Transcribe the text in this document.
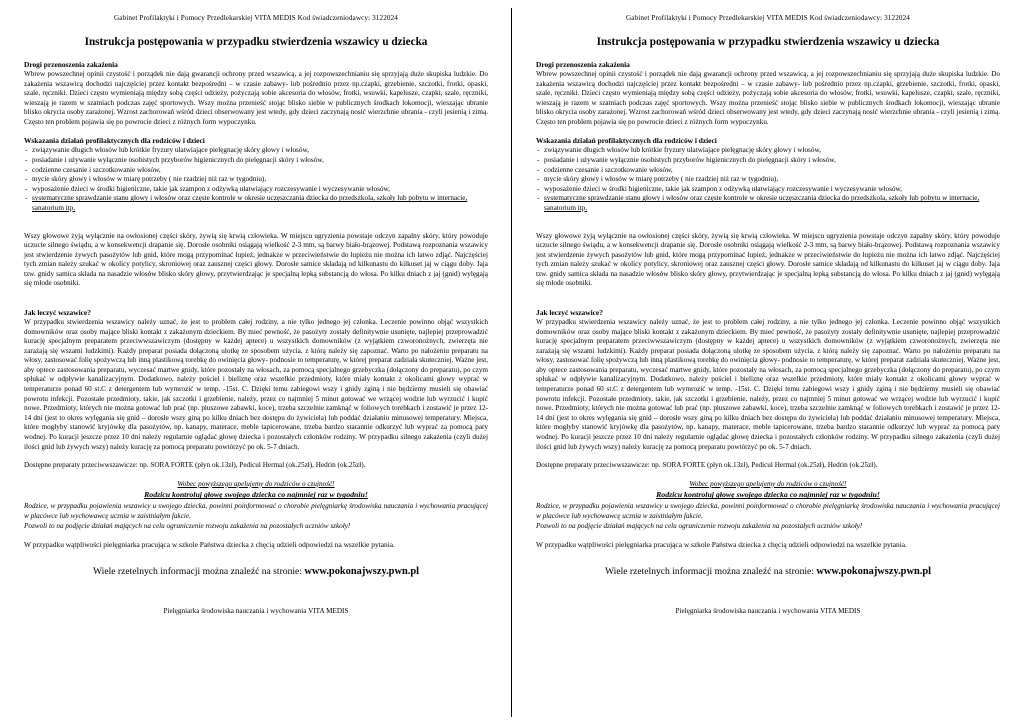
Gabinet Profilaktyki i Pomocy Przedlekarskiej VITA MEDIS Kod świadczeniodawcy: 3122024
Instrukcja postępowania w przypadku stwierdzenia wszawicy u dziecka
Drogi przenoszenia zakażenia

Wbrew powszechnej opinii czystość i porządek nie dają gwarancji ochrony przed wszawicą, a jej rozpowszechnianiu się sprzyjają duże skupiska ludzkie. Do zakażenia wszawicą dochodzi najczęściej przez kontakt bezpośredni – w czasie zabawy- lub pośrednio przez np.czapki, grzebienie, szczotki, frotki, opaski, szale, ręczniki. Dzieci często wymieniają między sobą części odzieży, pożyczają sobie akcesoria do włosów, frotki, wsuwki, kapelusze, czapki, szale, ręczniki, wieszają je razem w szatniach podczas zajęć sportowych. Wszy można przenieść stojąc blisko siebie w publicznych środkach lokomocji, wieszając ubranie blisko okrycia osoby zarażonej. Wzrost zachorowań wśród dzieci obserwowany jest wtedy, gdy dzieci zaczynają nosić wierzchnie ubrania - czyli jesienią i zimą. Często ten problem pojawia się po powrocie dzieci z różnych form wypoczynku.

Wskazania działań profilaktycznych dla rodziców i dzieci
- związywanie długich włosów lub krótkie fryzury ułatwiające pielęgnację skóry głowy i włosów,
- posiadanie i używanie wyłącznie osobistych przyborów higienicznych do pielęgnacji skóry i włosów,
- codzienne czesanie i szczotkowanie włosów,
- mycie skóry głowy i włosów w miarę potrzeby ( nie rzadziej niż raz w tygodniu),
- wyposażenie dzieci w środki higieniczne, takie jak szampon z odżywką ułatwiający rozczesywanie i wyczesywanie włosów,
- systematyczne sprawdzanie stanu głowy i włosów oraz częste kontrole w okresie uczęszczania dziecka do przedszkola, szkoły lub pobytu w internacie, sanatorium itp.

Wszy głowowe żyją wyłącznie na owłosionej części skóry, żywią się krwią człowieka. W miejscu ugryzienia powstaje odczyn zapalny skóry, który powoduje uczucie silnego świądu, a w konsekwencji drapanie się. Dorosłe osobniki osiągają wielkość 2-3 mm, są barwy biało-brązowej. Podstawą rozpoznania wszawicy jest stwierdzenie żywych pasożytów lub gnid, które mogą przypominać łupież, jednakże w przeciwieństwie do łupieżu nie można ich łatwo zdjąć. Najczęściej tych zmian należy szukać w okolicy potylicy, skroniowej oraz zausznej części głowy. Dorosłe samice składają od kilkunastu do kilkuset jaj w ciągu doby. Jaja tzw. gnidy samica składa na nasadzie włosów blisko skóry głowy, przytwierdzając je specjalną lepką substancją do włosa. Po kilku dniach z jaj (gnid) wylęgają się młode osobniki.

Jak leczyć wszawice?

W przypadku stwierdzenia wszawicy należy uznać, że jest to problem całej rodziny, a nie tylko jednego jej członka. Leczenie powinno objąć wszystkich domowników oraz osoby mające bliski kontakt z zakażonym dzieckiem. By mieć pewność, że pasożyty zostały definitywnie usunięte, najlepiej przeprowadzić kurację specjalnym preparatem przeciwwszawiczym (dostępny w każdej aptece) u wszystkich domowników (z wyjątkiem czworonożnych, zwierzęta nie zarażają się wszami ludzkimi). Każdy preparat posiada dołączoną ulotkę ze sposobem użycia, z którą należy się zapoznać. Warto po nałożeniu preparatu na włosy, zastosować folię spożywczą lub inną plastikową torebkę do owinięcia głowy- podnosie to temperaturę, w której preparat zadziała skuteczniej. Ważne jest, aby optece zastosowania preparatu, wyczesać martwe gnidy, które pozostały na włosach, za pomocą specjalnego grzebyczka (dołączony do preparatu), po czym spłukać w odpływie kanalizacyjnym. Dodatkowo, należy pościel i bieliznę oraz wszelkie przedmioty, które miały kontakt z okolicami głowy wyprać w temperaturze ponad 60 st.C z detergentem lub wymrozić w temp. -15st. C. Dzięki temu zabiegowi wszy i gnidy zginą i nie będziemy musieli się obawiać powrotu infekcji. Pozostałe przedmioty, takie, jak szczotki i grzebienie, należy, przez co najmniej 5 minut gotować we wrzącej wodzie lub wyrzucić i kupić nowe. Przedmioty, których nie można gotować lub prać (np. pluszowe zabawki, koce), trzeba szczelnie zamknąć w foliowych torebkach i zostawić je przez 12-14 dni (jest to okres wylęgania się gnid – dorosłe wszy giną po kilku dniach bez dostępu do żywiciela) lub poddać działaniu minusowej temperatury. Miejsca, które mogłyby stanowić kryjówkę dla pasożytów, np. kanapy, materace, meble tapicerowane, trzeba bardzo starannie odkurzyć lub wyprać za pomocą pary wodnej. Po kuracji jeszcze przez 10 dni należy regularnie oglądać głowę dziecka i pozostałych członków rodziny. W przypadku silnego zakażenia (czyli dużej ilości gnid lub żywych wszy) należy kurację za pomocą preparatu powtórzyć po ok. 5-7 dniach.

Dostępne preparaty przeciwwszawicze: np. SORA FORTE (płyn ok.13zł), Pedicul Hermal (ok.25zł), Hedrin (ok.25zł).

Wobec powyższego apelujemy do rodziców o czujność!

Rodzicu kontroluj głowę swojego dziecka co najmniej raz w tygodniu!

Rodzice, w przypadku pojawienia wszawicy u swojego dziecka, powinni poinformować o chorobie pielęgniarkę środowiska nauczania i wychowania pracującej w placówce lub wychowawcę ucznia w zaistniałym fakcie.

Pozwoli to na podjęcie działań mających na celu ograniczenie rozwoju zakażenia na pozostałych uczniów szkoły!

W przypadku wątpliwości pielęgniarka pracująca w szkole Państwa dziecka z chęcią udzieli odpowiedzi na wszelkie pytania.

Wiele rzetelnych informacji można znaleźć na stronie: www.pokonajwszy.pwn.pl

Pielęgniarka środowiska nauczania i wychowania VITA MEDIS
Gabinet Profilaktyki i Pomocy Przedlekarskiej VITA MEDIS Kod świadczeniodawcy: 3122024
Instrukcja postępowania w przypadku stwierdzenia wszawicy u dziecka
Drogi przenoszenia zakażenia

Wbrew powszechnej opinii czystość i porządek nie dają gwarancji ochrony przed wszawicą, a jej rozpowszechnianiu się sprzyjają duże skupiska ludzkie. Do zakażenia wszawicą dochodzi najczęściej przez kontakt bezpośredni – w czasie zabawy- lub pośrednio przez np.czapki, grzebienie, szczotki, frotki, opaski, szale, ręczniki. Dzieci często wymieniają między sobą części odzieży, pożyczają sobie akcesoria do włosów, frotki, wsuwki, kapelusze, czapki, szale, ręczniki, wieszają je razem w szatniach podczas zajęć sportowych. Wszy można przenieść stojąc blisko siebie w publicznych środkach lokomocji, wieszając ubranie blisko okrycia osoby zarażonej. Wzrost zachorowań wśród dzieci obserwowany jest wtedy, gdy dzieci zaczynają nosić wierzchnie ubrania - czyli jesienią i zimą. Często ten problem pojawia się po powrocie dzieci z różnych form wypoczynku.

Wskazania działań profilaktycznych dla rodziców i dzieci
- związywanie długich włosów lub krótkie fryzury ułatwiające pielęgnację skóry głowy i włosów,
- posiadanie i używanie wyłącznie osobistych przyborów higienicznych do pielęgnacji skóry i włosów,
- codzienne czesanie i szczotkowanie włosów,
- mycie skóry głowy i włosów w miarę potrzeby ( nie rzadziej niż raz w tygodniu),
- wyposażenie dzieci w środki higieniczne, takie jak szampon z odżywką ułatwiający rozczesywanie i wyczesywanie włosów,
- systematyczne sprawdzanie stanu głowy i włosów oraz częste kontrole w okresie uczęszczania dziecka do przedszkola, szkoły lub pobytu w internacie, sanatorium itp.

Wszy głowowe żyją wyłącznie na owłosionej części skóry, żywią się krwią człowieka. W miejscu ugryzienia powstaje odczyn zapalny skóry, który powoduje uczucie silnego świądu, a w konsekwencji drapanie się. Dorosłe osobniki osiągają wielkość 2-3 mm, są barwy biało-brązowej. Podstawą rozpoznania wszawicy jest stwierdzenie żywych pasożytów lub gnid, które mogą przypominać łupież, jednakże w przeciwieństwie do łupieżu nie można ich łatwo zdjąć. Najczęściej tych zmian należy szukać w okolicy potylicy, skroniowej oraz zausznej części głowy. Dorosłe samice składają od kilkunastu do kilkuset jaj w ciągu doby. Jaja tzw. gnidy samica składa na nasadzie włosów blisko skóry głowy, przytwierdzając je specjalną lepką substancją do włosa. Po kilku dniach z jaj (gnid) wylęgają się młode osobniki.

Jak leczyć wszawice?

W przypadku stwierdzenia wszawicy należy uznać, że jest to problem całej rodziny, a nie tylko jednego jej członka. Leczenie powinno objąć wszystkich domowników oraz osoby mające bliski kontakt z zakażonym dzieckiem. By mieć pewność, że pasożyty zostały definitywnie usunięte, najlepiej przeprowadzić kurację specjalnym preparatem przeciwwszawiczym (dostępny w każdej aptece) u wszystkich domowników (z wyjątkiem czworonożnych, zwierzęta nie zarażają się wszami ludzkimi). Każdy preparat posiada dołączoną ulotkę ze sposobem użycia, z którą należy się zapoznać. Warto po nałożeniu preparatu na włosy, zastosować folię spożywczą lub inną plastikową torebkę do owinięcia głowy- podnosie to temperaturę, w której preparat zadziała skuteczniej. Ważne jest, aby optece zastosowania preparatu, wyczesać martwe gnidy, które pozostały na włosach, za pomocą specjalnego grzebyczka (dołączony do preparatu), po czym spłukać w odpływie kanalizacyjnym. Dodatkowo, należy pościel i bieliznę oraz wszelkie przedmioty, które miały kontakt z okolicami głowy wyprać w temperaturze ponad 60 st.C z detergentem lub wymrozić w temp. -15st. C. Dzięki temu zabiegowi wszy i gnidy zginą i nie będziemy musieli się obawiać powrotu infekcji. Pozostałe przedmioty, takie, jak szczotki i grzebienie, należy, przez co najmniej 5 minut gotować we wrzącej wodzie lub wyrzucić i kupić nowe. Przedmioty, których nie można gotować lub prać (np. pluszowe zabawki, koce), trzeba szczelnie zamknąć w foliowych torebkach i zostawić je przez 12-14 dni (jest to okres wylęgania się gnid – dorosłe wszy giną po kilku dniach bez dostępu do żywiciela) lub poddać działaniu minusowej temperatury. Miejsca, które mogłyby stanowić kryjówkę dla pasożytów, np. kanapy, materace, meble tapicerowane, trzeba bardzo starannie odkurzyć lub wyprać za pomocą pary wodnej. Po kuracji jeszcze przez 10 dni należy regularnie oglądać głowę dziecka i pozostałych członków rodziny. W przypadku silnego zakażenia (czyli dużej ilości gnid lub żywych wszy) należy kurację za pomocą preparatu powtórzyć po ok. 5-7 dniach.

Dostępne preparaty przeciwwszawicze: np. SORA FORTE (płyn ok.13zł), Pedicul Hermal (ok.25zł), Hedrin (ok.25zł).

Wobec powyższego apelujemy do rodziców o czujność!

Rodzicu kontroluj głowę swojego dziecka co najmniej raz w tygodniu!

Rodzice, w przypadku pojawienia wszawicy u swojego dziecka, powinni poinformować o chorobie pielęgniarkę środowiska nauczania i wychowania pracującej w placówce lub wychowawcę ucznia w zaistniałym fakcie.

Pozwoli to na podjęcie działań mających na celu ograniczenie rozwoju zakażenia na pozostałych uczniów szkoły!

W przypadku wątpliwości pielęgniarka pracująca w szkole Państwa dziecka z chęcią udzieli odpowiedzi na wszelkie pytania.

Wiele rzetelnych informacji można znaleźć na stronie: www.pokonajwszy.pwn.pl

Pielęgniarka środowiska nauczania i wychowania VITA MEDIS
